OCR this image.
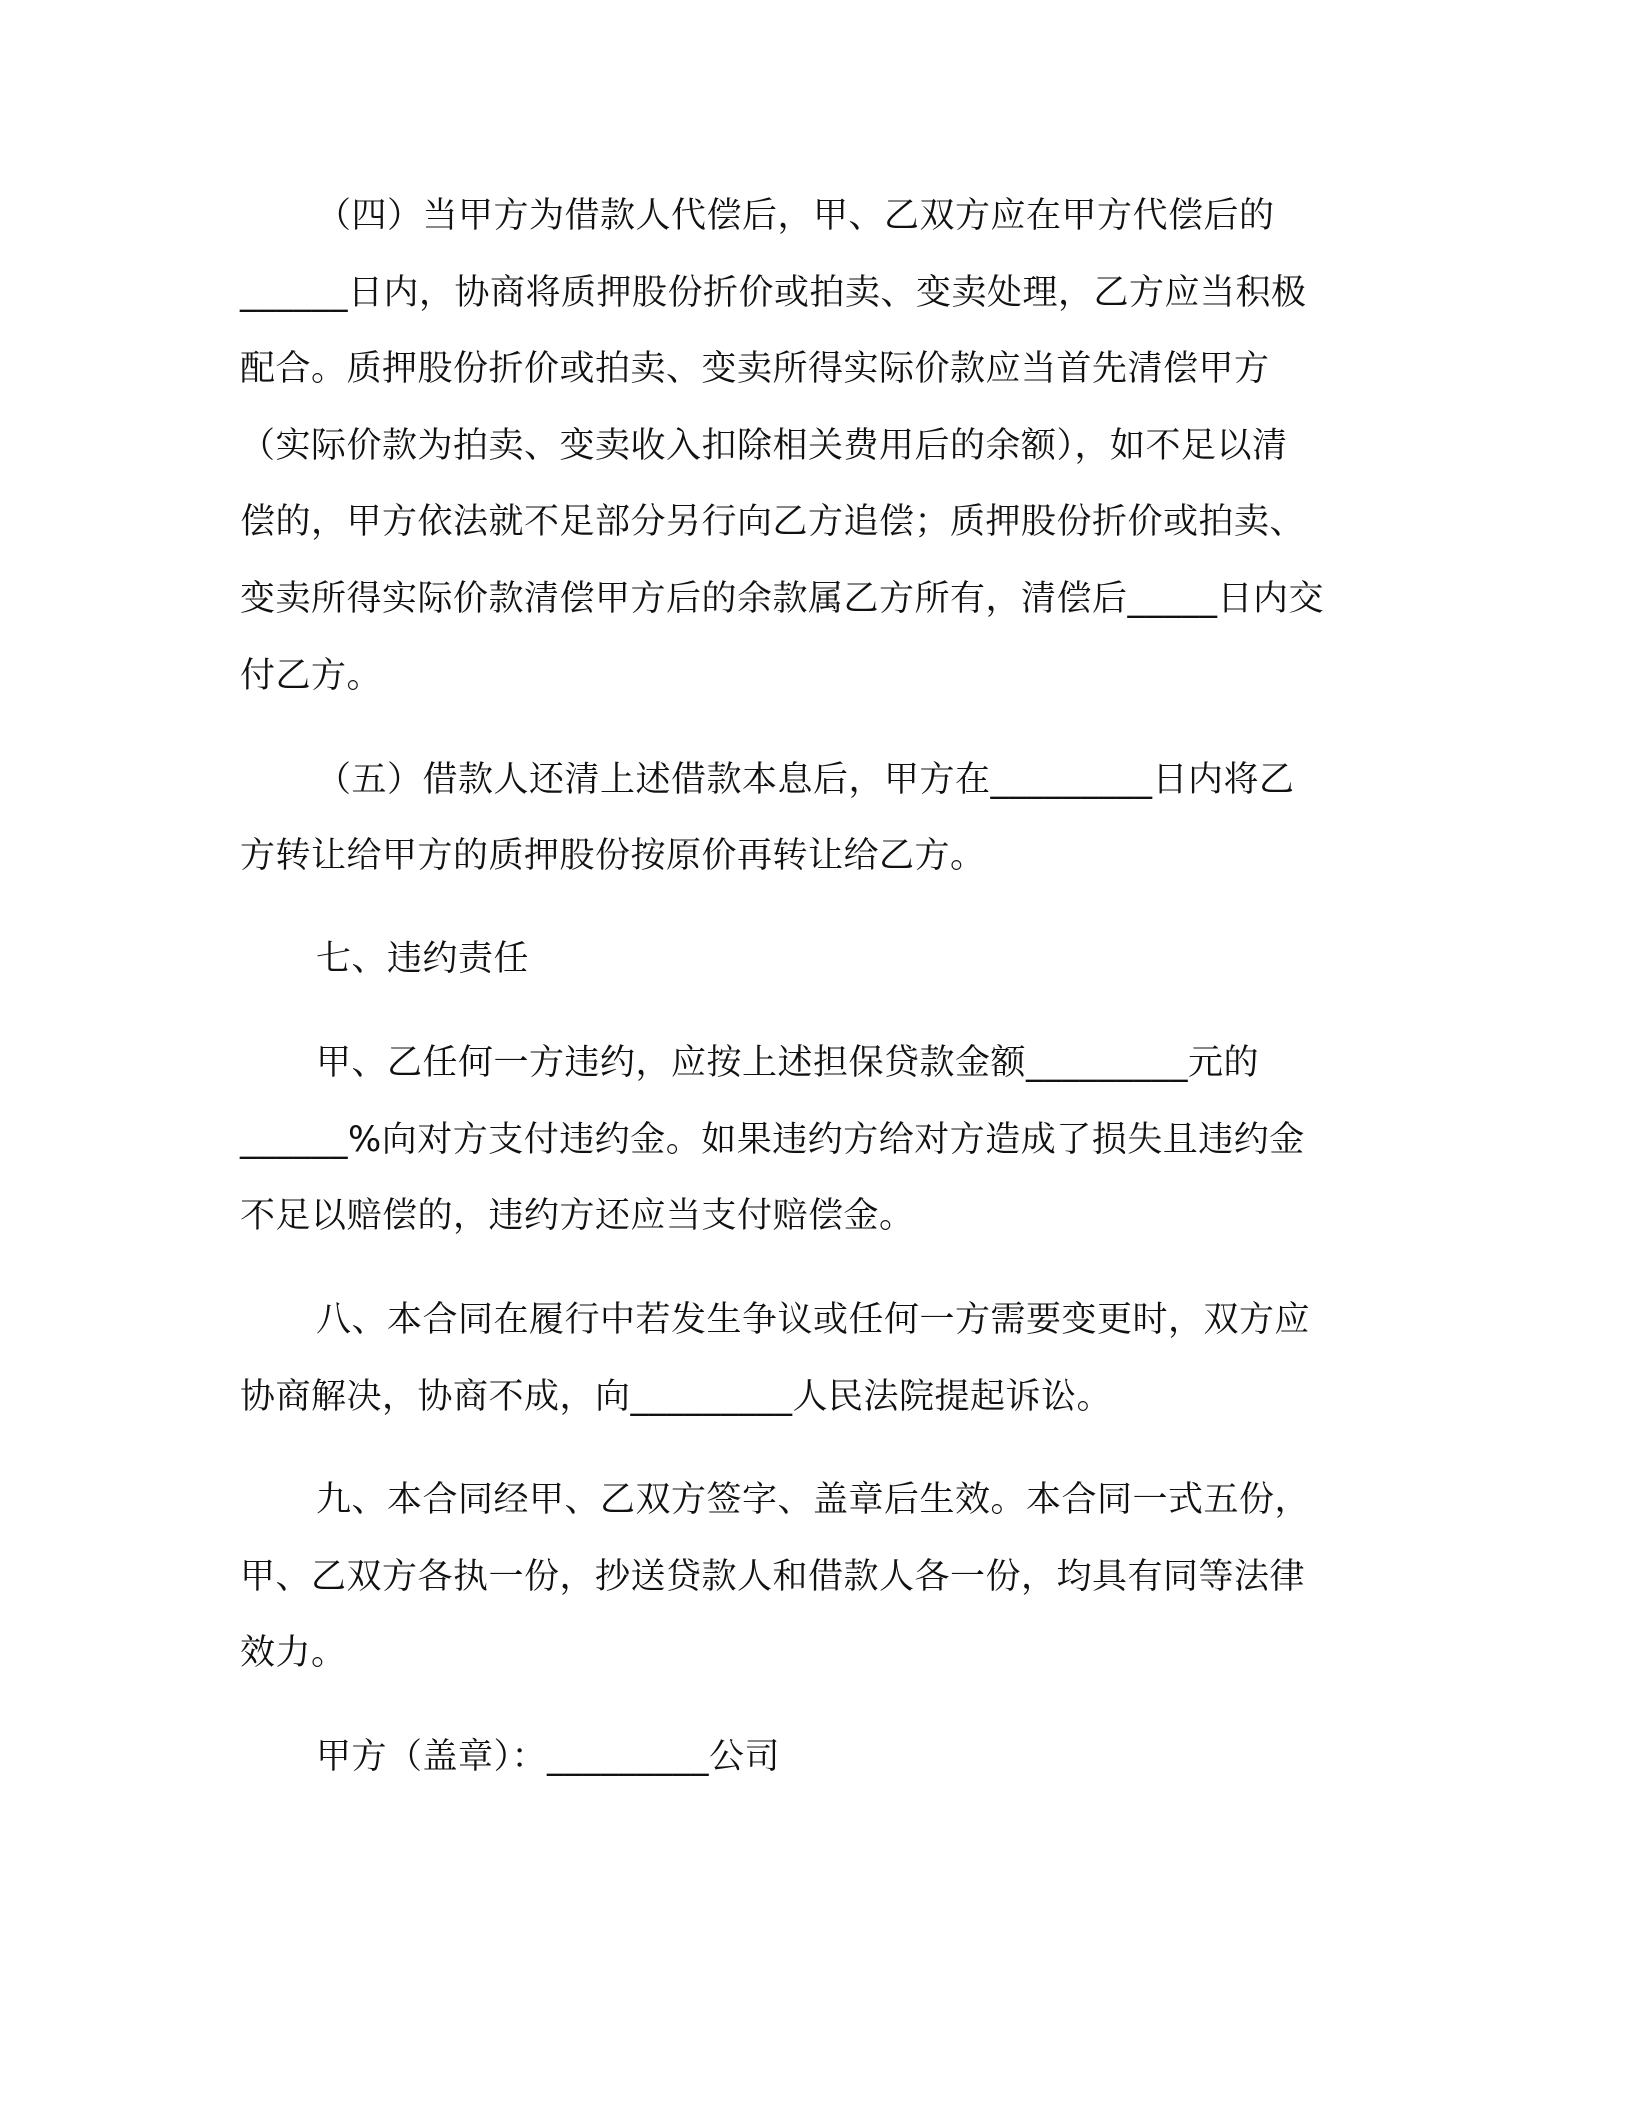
（四）当甲方为借款人代偿后，甲、乙双方应在甲方代偿后的
______日内，协商将质押股份折价或拍卖、变卖处理，乙方应当积极
配合。质押股份折价或拍卖、变卖所得实际价款应当首先清偿甲方
（实际价款为拍卖、变卖收入扣除相关费用后的余额），如不足以清
偿的，甲方依法就不足部分另行向乙方追偿；质押股份折价或拍卖、
变卖所得实际价款清偿甲方后的余款属乙方所有，清偿后_____日内交
付乙方。
（五）借款人还清上述借款本息后，甲方在_________日内将乙
方转让给甲方的质押股份按原价再转让给乙方。
七、违约责任
甲、乙任何一方违约，应按上述担保贷款金额_________元的
______%向对方支付违约金。如果违约方给对方造成了损失且违约金
不足以赔偿的，违约方还应当支付赔偿金。
八、本合同在履行中若发生争议或任何一方需要变更时，双方应
协商解决，协商不成，向_________人民法院提起诉讼。
九、本合同经甲、乙双方签字、盖章后生效。本合同一式五份，
甲、乙双方各执一份，抄送贷款人和借款人各一份，均具有同等法律
效力。
甲方（盖章）：_________公司
